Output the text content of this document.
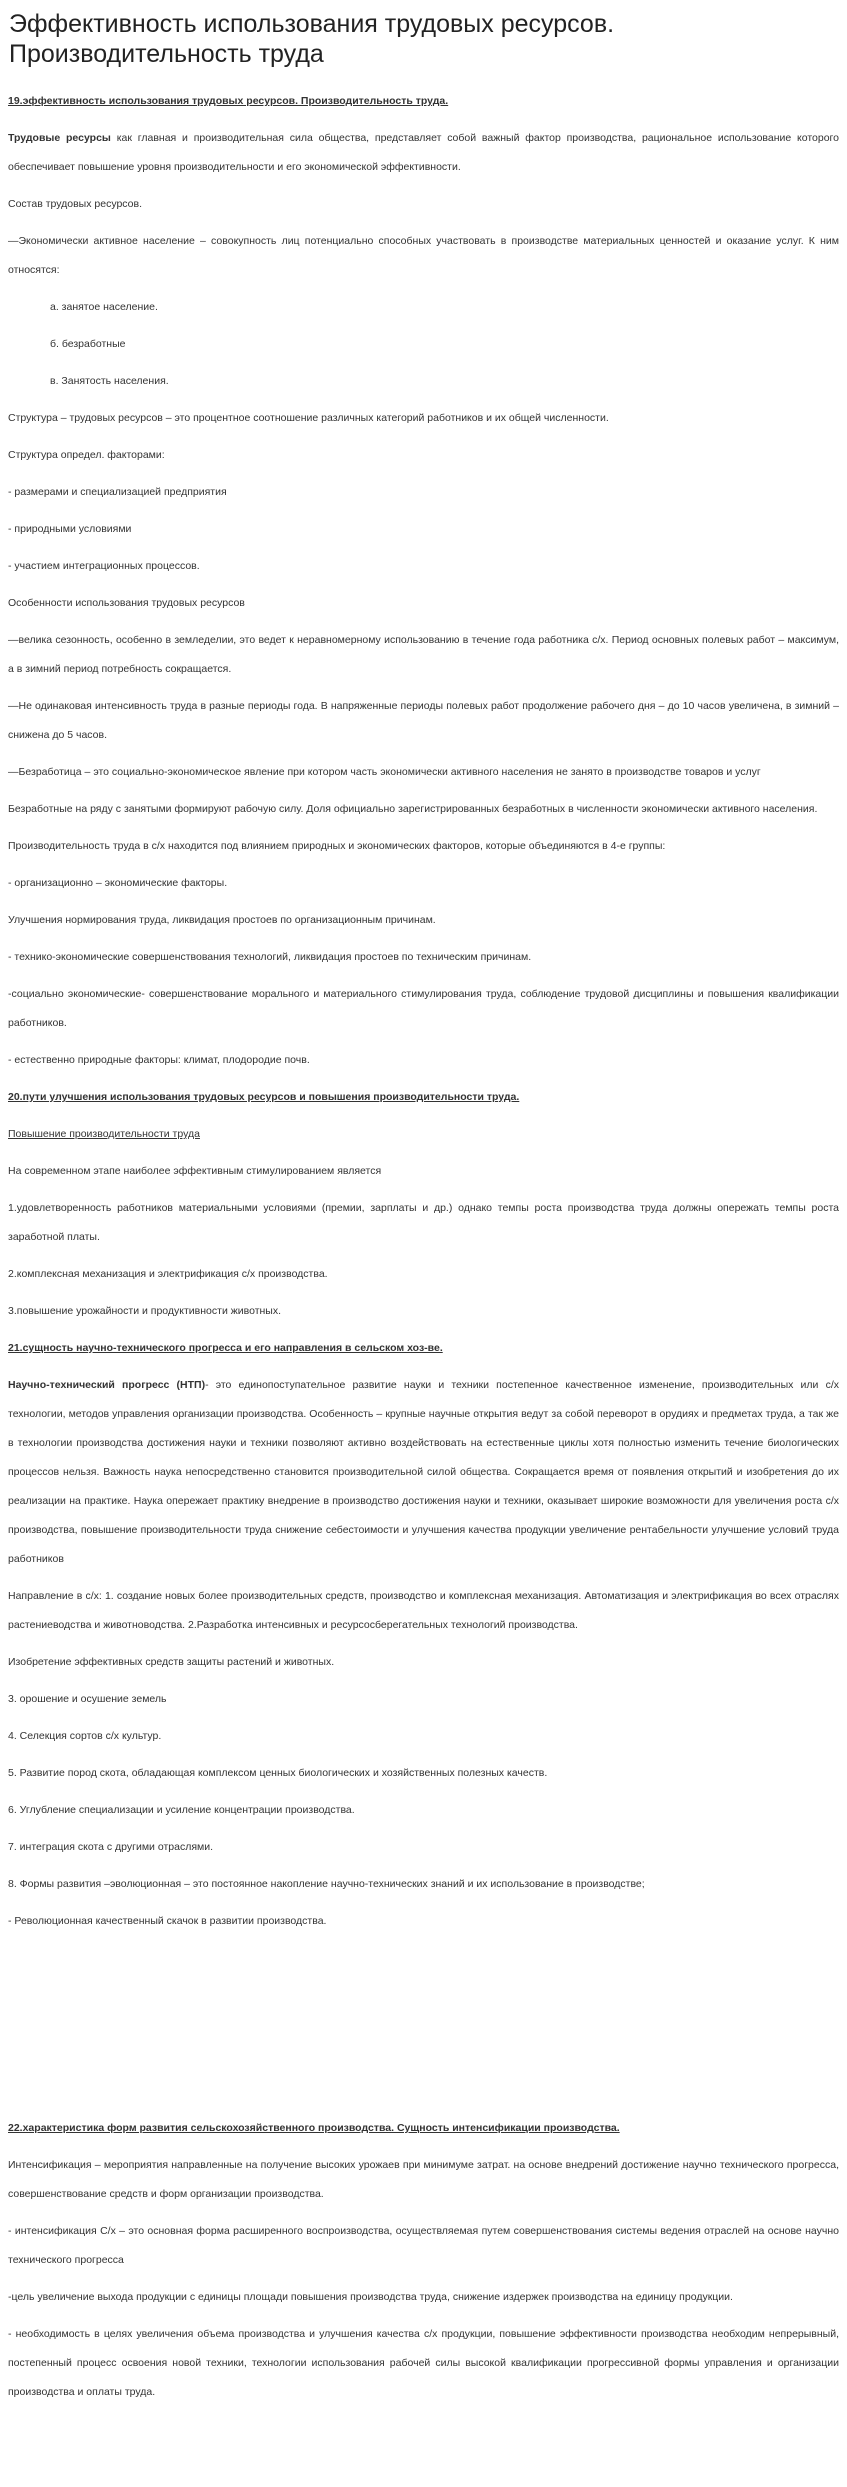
Эффективность использования трудовых ресурсов. Производительность труда
19.эффективность использования трудовых ресурсов. Производительность труда.
Трудовые ресурсы как главная и производительная сила общества, представляет собой важный фактор производства, рациональное использование которого обеспечивает повышение уровня производительности и его экономической эффективности.
Состав трудовых ресурсов.
—Экономически активное население – совокупность лиц потенциально способных участвовать в производстве материальных ценностей и оказание услуг. К ним относятся:
а. занятое население.
б. безработные
в. Занятость населения.
Структура – трудовых ресурсов – это процентное соотношение различных категорий работников и их общей численности.
Структура определ. факторами:
- размерами и специализацией предприятия
- природными условиями
- участием интеграционных процессов.
Особенности использования трудовых ресурсов
—велика сезонность, особенно в земледелии, это ведет к неравномерному использованию в течение года работника с/х. Период основных полевых работ – максимум, а в зимний период потребность сокращается.
—Не одинаковая интенсивность труда в разные периоды года. В напряженные периоды полевых работ продолжение рабочего дня – до 10 часов увеличена, в зимний – снижена до 5 часов.
—Безработица – это социально-экономическое явление при котором часть экономически активного населения не занято в производстве товаров и услуг
Безработные на ряду с занятыми формируют рабочую силу. Доля официально зарегистрированных безработных в численности экономически активного населения.
Производительность труда в с/х находится под влиянием природных и экономических факторов, которые объединяются в 4-е группы:
- организационно – экономические факторы.
Улучшения нормирования труда, ликвидация простоев по организационным причинам.
- технико-экономические совершенствования технологий, ликвидация простоев по техническим причинам.
-социально экономические- совершенствование морального и материального стимулирования труда, соблюдение трудовой дисциплины и повышения квалификации работников.
- естественно природные факторы: климат, плодородие почв.
20.пути улучшения использования трудовых ресурсов и повышения производительности труда.
Повышение производительности труда
На современном этапе наиболее эффективным стимулированием является
1.удовлетворенность работников материальными условиями (премии, зарплаты и др.) однако темпы роста производства труда должны опережать темпы роста заработной платы.
2.комплексная механизация и электрификация с/х производства.
3.повышение урожайности и продуктивности животных.
21.сущность научно-технического прогресса и его направления в сельском хоз-ве.
Научно-технический прогресс (НТП)- это единопоступательное развитие науки и техники постепенное качественное изменение, производительных или с/х технологии, методов управления организации производства. Особенность – крупные научные открытия ведут за собой переворот в орудиях и предметах труда, а так же в технологии производства достижения науки и техники позволяют активно воздействовать на естественные циклы хотя полностью изменить течение биологических процессов нельзя. Важность наука непосредственно становится производительной силой общества. Сокращается время от появления открытий и изобретения до их реализации на практике. Наука опережает практику внедрение в производство достижения науки и техники, оказывает широкие возможности для увеличения роста с/х производства, повышение производительности труда снижение себестоимости и улучшения качества продукции увеличение рентабельности улучшение условий труда работников
Направление в с/х: 1. создание новых более производительных средств, производство и комплексная механизация. Автоматизация и электрификация во всех отраслях растениеводства и животноводства. 2.Разработка интенсивных и ресурсосберегательных технологий производства.
Изобретение эффективных средств защиты растений и животных.
3. орошение и осушение земель
4. Селекция сортов с/х культур.
5. Развитие пород скота, обладающая комплексом ценных биологических и хозяйственных полезных качеств.
6. Углубление специализации и усиление концентрации производства.
7. интеграция скота с другими отраслями.
8. Формы развития –эволюционная – это постоянное накопление научно-технических знаний и их использование в производстве;
- Революционная качественный скачок в развитии производства.
22.характеристика форм развития сельскохозяйственного производства. Сущность интенсификации производства.
Интенсификация – мероприятия направленные на получение высоких урожаев при минимуме затрат. на основе внедрений достижение научно технического прогресса, совершенствование средств и форм организации производства.
- интенсификация С/х – это основная форма расширенного воспроизводства, осуществляемая путем совершенствования системы ведения отраслей на основе научно технического прогресса
-цель увеличение выхода продукции с единицы площади повышения производства труда, снижение издержек производства на единицу продукции.
- необходимость в целях увеличения объема производства и улучшения качества с/х продукции, повышение эффективности производства необходим непрерывный, постепенный процесс освоения новой техники, технологии использования рабочей силы высокой квалификации прогрессивной формы управления и организации производства и оплаты труда.
